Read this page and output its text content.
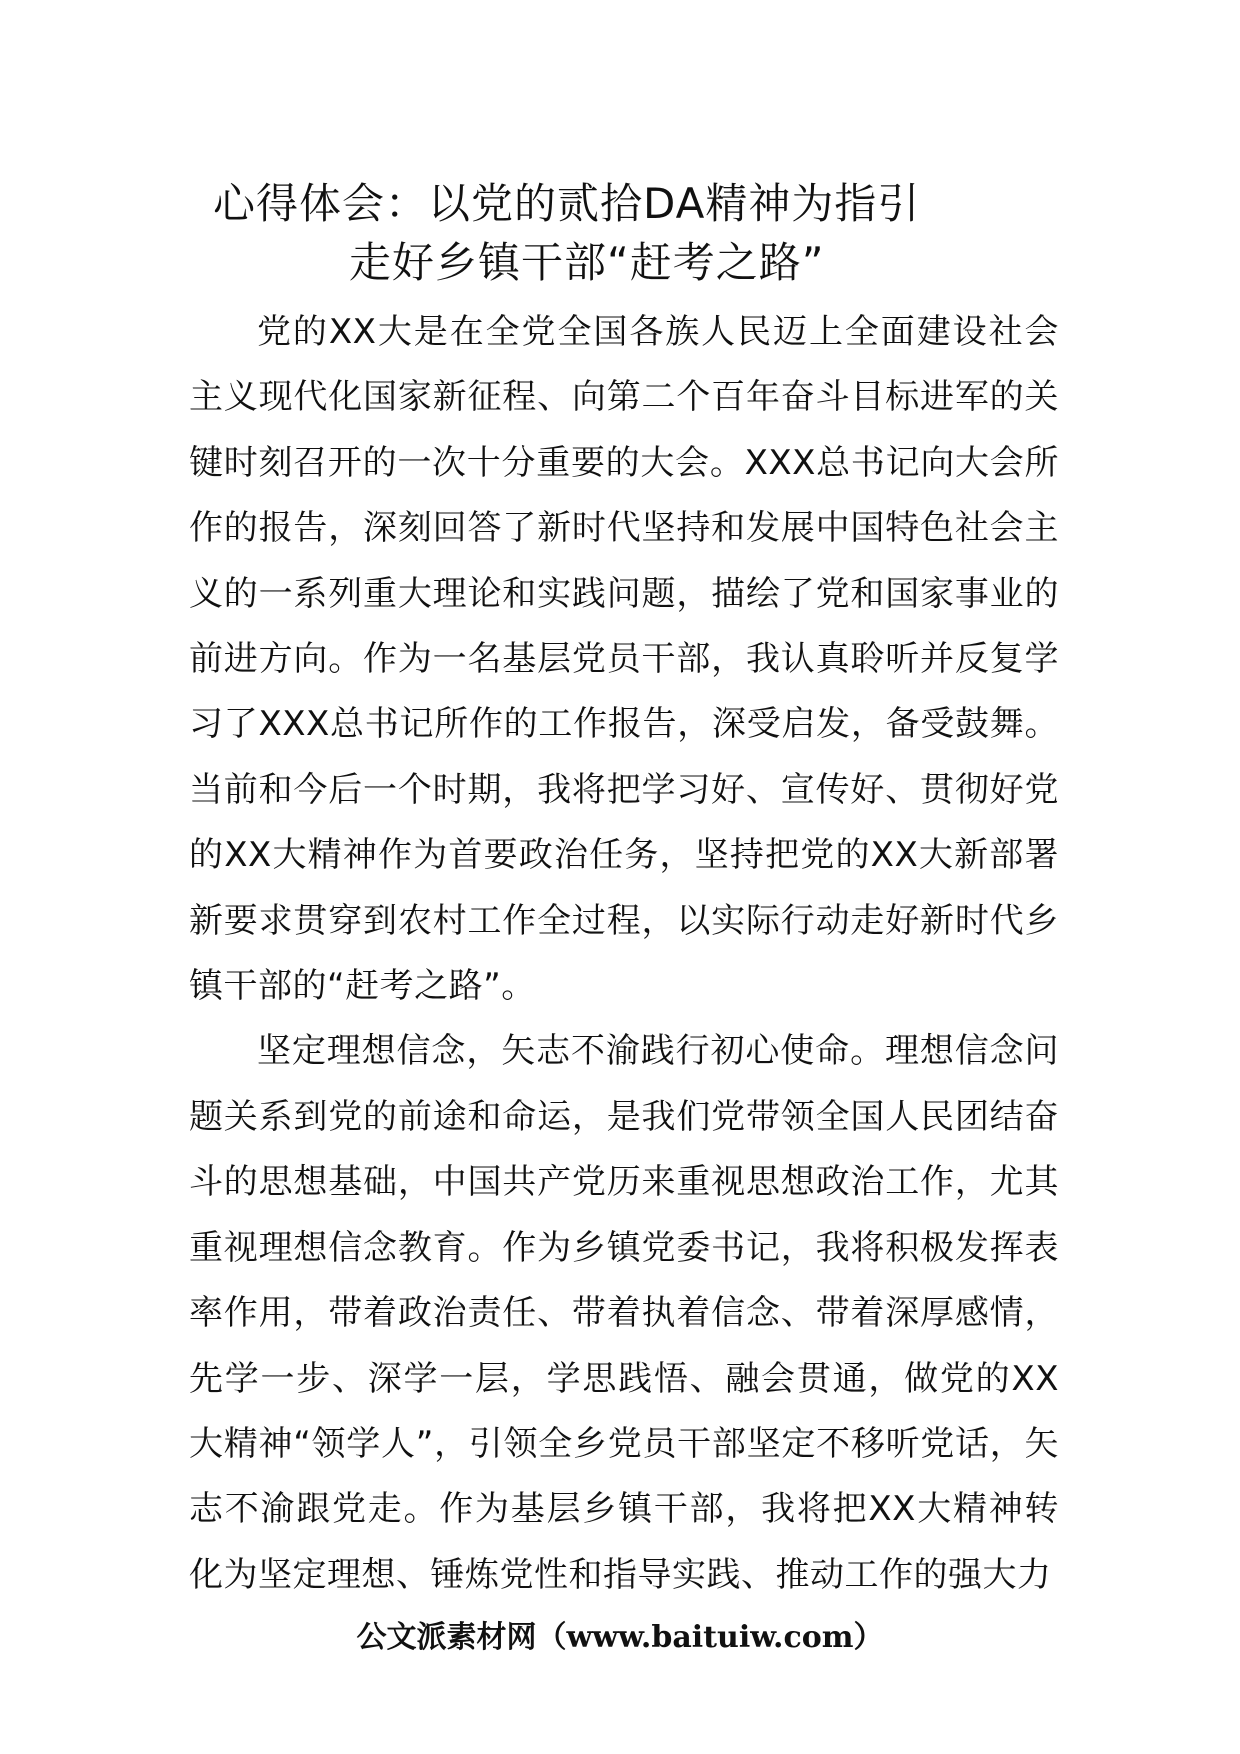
心得体会：以党的贰拾DA精神为指引
走好乡镇干部“赶考之路”

党的XX大是在全党全国各族人民迈上全面建设社会主义现代化国家新征程、向第二个百年奋斗目标进军的关键时刻召开的一次十分重要的大会。XXX总书记向大会所作的报告，深刻回答了新时代坚持和发展中国特色社会主义的一系列重大理论和实践问题，描绘了党和国家事业的前进方向。作为一名基层党员干部，我认真聆听并反复学习了XXX总书记所作的工作报告，深受启发，备受鼓舞。当前和今后一个时期，我将把学习好、宣传好、贯彻好党的XX大精神作为首要政治任务，坚持把党的XX大新部署新要求贯穿到农村工作全过程，以实际行动走好新时代乡镇干部的“赶考之路”。

坚定理想信念，矢志不渝践行初心使命。理想信念问题关系到党的前途和命运，是我们党带领全国人民团结奋斗的思想基础，中国共产党历来重视思想政治工作，尤其重视理想信念教育。作为乡镇党委书记，我将积极发挥表率作用，带着政治责任、带着执着信念、带着深厚感情，先学一步、深学一层，学思践悟、融会贯通，做党的XX大精神“领学人”，引领全乡党员干部坚定不移听党话，矢志不渝跟党走。作为基层乡镇干部，我将把XX大精神转化为坚定理想、锤炼党性和指导实践、推动工作的强大力

公文派素材网（www.baituiw.com）
